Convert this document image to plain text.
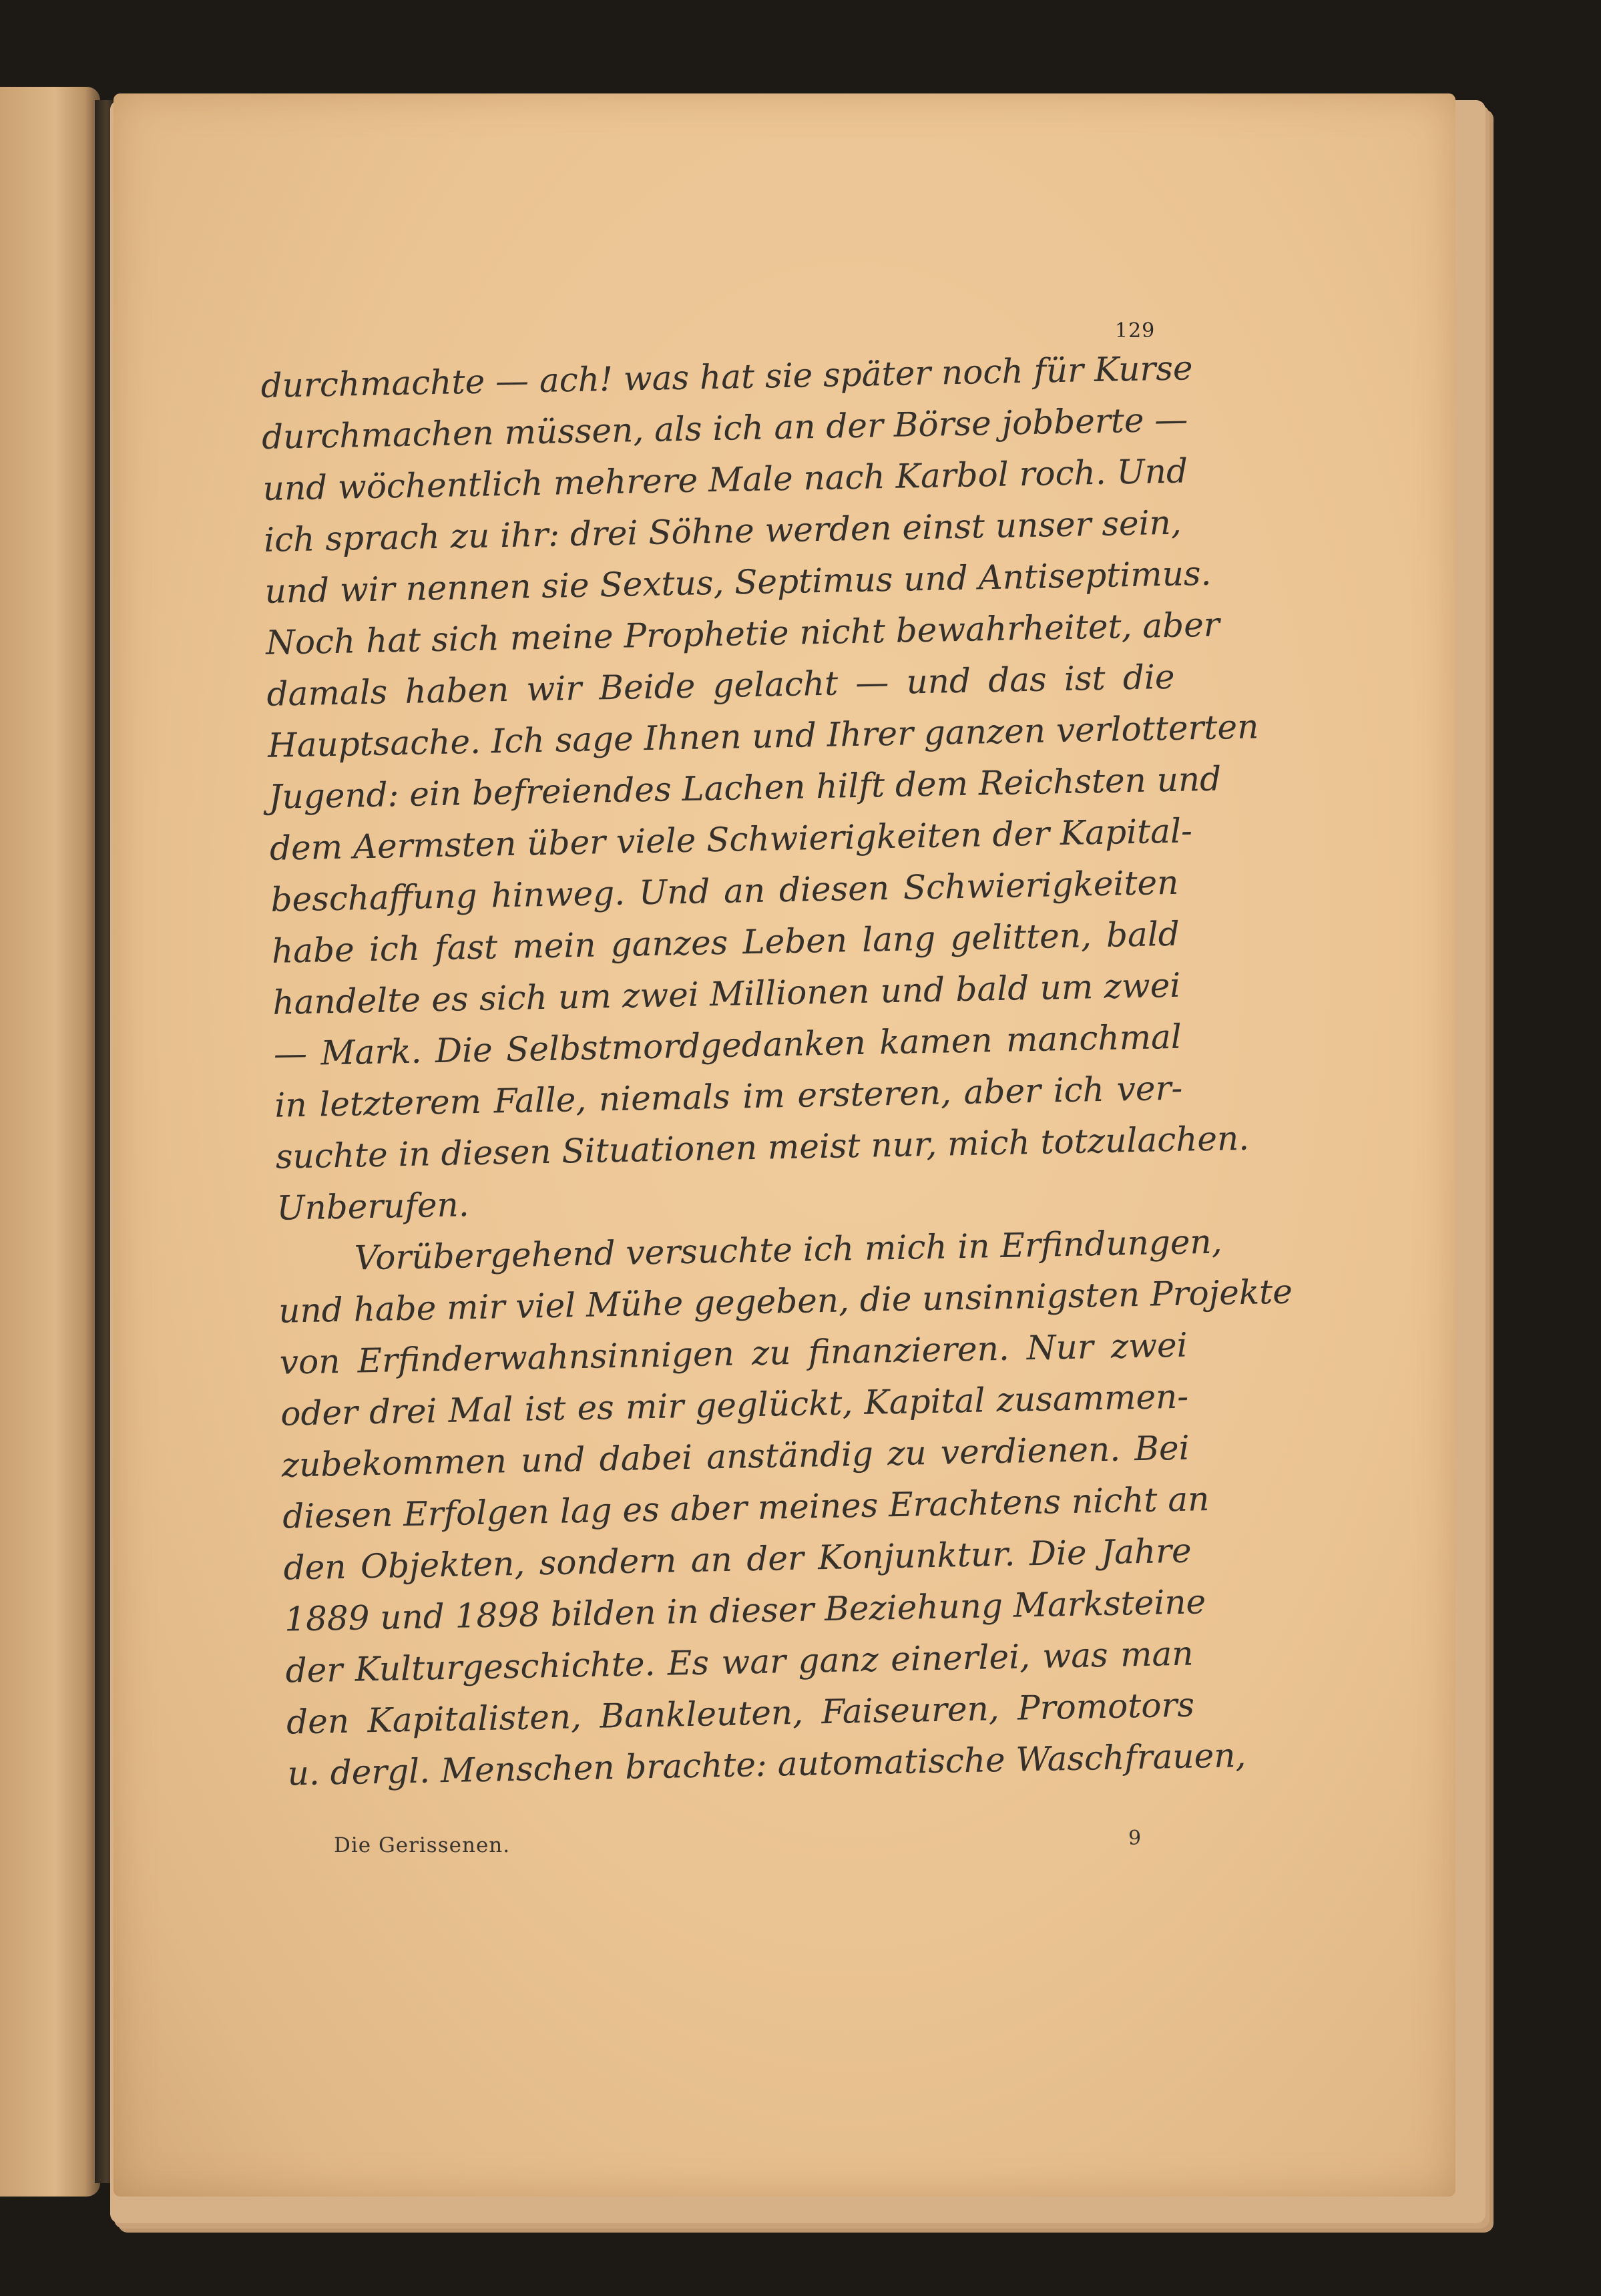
129
durchmachte — ach! was hat sie später noch für Kurse
durchmachen müssen, als ich an der Börse jobberte —
und wöchentlich mehrere Male nach Karbol roch. Und
ich sprach zu ihr: drei Söhne werden einst unser sein,
und wir nennen sie Sextus, Septimus und Antiseptimus.
Noch hat sich meine Prophetie nicht bewahrheitet, aber
damals haben wir Beide gelacht — und das ist die
Hauptsache. Ich sage Ihnen und Ihrer ganzen verlotterten
Jugend: ein befreiendes Lachen hilft dem Reichsten und
dem Aermsten über viele Schwierigkeiten der Kapital-
beschaffung hinweg. Und an diesen Schwierigkeiten
habe ich fast mein ganzes Leben lang gelitten, bald
handelte es sich um zwei Millionen und bald um zwei
— Mark. Die Selbstmordgedanken kamen manchmal
in letzterem Falle, niemals im ersteren, aber ich ver-
suchte in diesen Situationen meist nur, mich totzulachen.
Unberufen.
Vorübergehend versuchte ich mich in Erfindungen,
und habe mir viel Mühe gegeben, die unsinnigsten Projekte
von Erfinderwahnsinnigen zu finanzieren. Nur zwei
oder drei Mal ist es mir geglückt, Kapital zusammen-
zubekommen und dabei anständig zu verdienen. Bei
diesen Erfolgen lag es aber meines Erachtens nicht an
den Objekten, sondern an der Konjunktur. Die Jahre
1889 und 1898 bilden in dieser Beziehung Marksteine
der Kulturgeschichte. Es war ganz einerlei, was man
den Kapitalisten, Bankleuten, Faiseuren, Promotors
u. dergl. Menschen brachte: automatische Waschfrauen,
Die Gerissenen.	9
